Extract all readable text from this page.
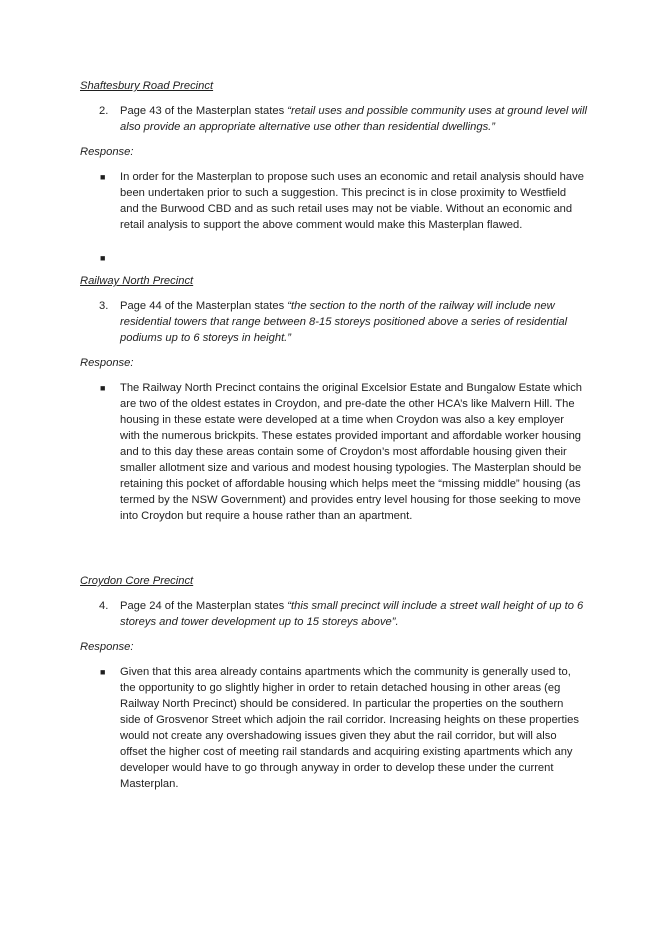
Shaftesbury Road Precinct
2. Page 43 of the Masterplan states “retail uses and possible community uses at ground level will also provide an appropriate alternative use other than residential dwellings.”
Response:
■ In order for the Masterplan to propose such uses an economic and retail analysis should have been undertaken prior to such a suggestion. This precinct is in close proximity to Westfield and the Burwood CBD and as such retail uses may not be viable. Without an economic and retail analysis to support the above comment would make this Masterplan flawed.
■
Railway North Precinct
3. Page 44 of the Masterplan states “the section to the north of the railway will include new residential towers that range between 8-15 storeys positioned above a series of residential podiums up to 6 storeys in height.”
Response:
■ The Railway North Precinct contains the original Excelsior Estate and Bungalow Estate which are two of the oldest estates in Croydon, and pre-date the other HCA’s like Malvern Hill. The housing in these estate were developed at a time when Croydon was also a key employer with the numerous brickpits. These estates provided important and affordable worker housing and to this day these areas contain some of Croydon’s most affordable housing given their smaller allotment size and various and modest housing typologies. The Masterplan should be retaining this pocket of affordable housing which helps meet the “missing middle” housing (as termed by the NSW Government) and provides entry level housing for those seeking to move into Croydon but require a house rather than an apartment.
Croydon Core Precinct
4. Page 24 of the Masterplan states “this small precinct will include a street wall height of up to 6 storeys and tower development up to 15 storeys above”.
Response:
■ Given that this area already contains apartments which the community is generally used to, the opportunity to go slightly higher in order to retain detached housing in other areas (eg Railway North Precinct) should be considered. In particular the properties on the southern side of Grosvenor Street which adjoin the rail corridor. Increasing heights on these properties would not create any overshadowing issues given they abut the rail corridor, but will also offset the higher cost of meeting rail standards and acquiring existing apartments which any developer would have to go through anyway in order to develop these under the current Masterplan.
